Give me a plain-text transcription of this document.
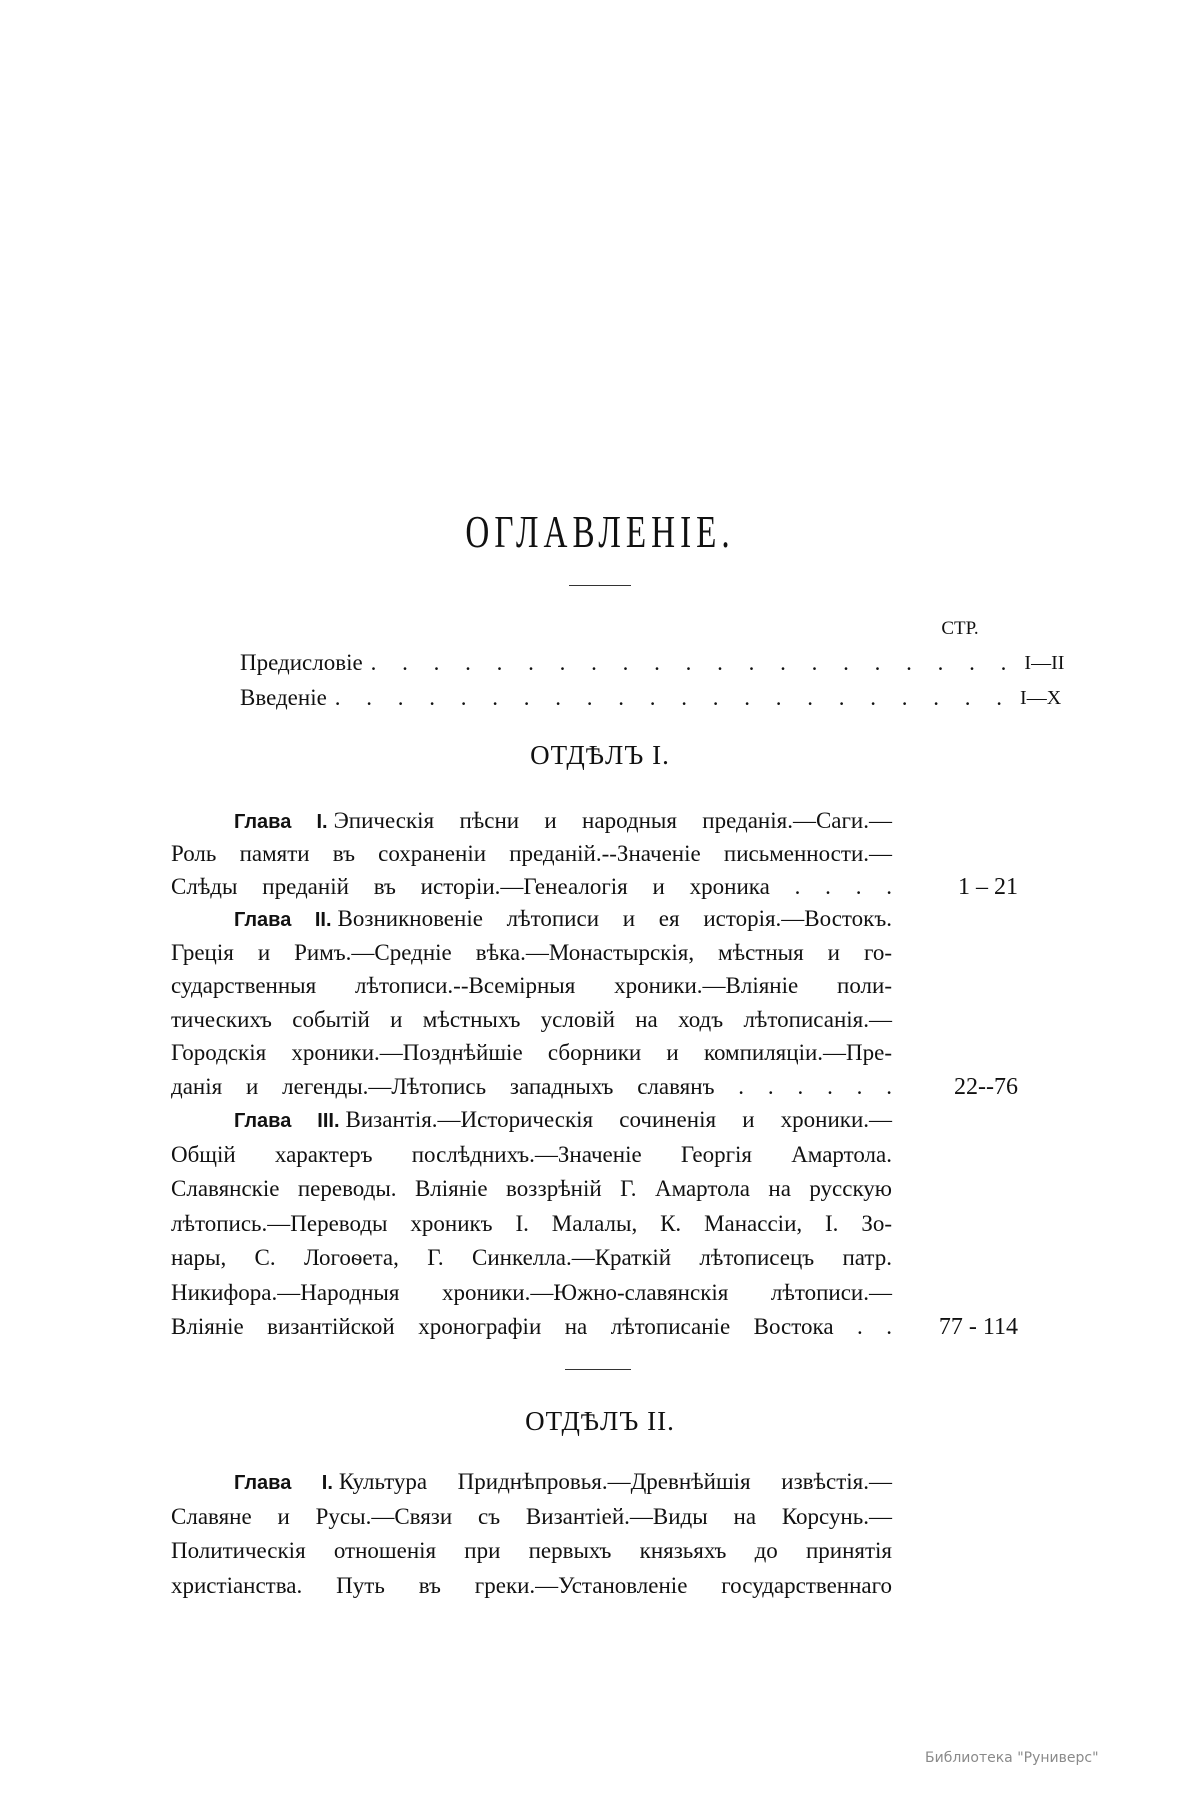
ОГЛАВЛЕНІЕ.
СТР.
Предисловіе . . . . . . . . . . . . . . . . . . . . . I—II
Введеніе . . . . . . . . . . . . . . . . . . . . . . I—X
ОТДѢЛЪ I.
ОТДѢЛЪ II.
Глава I. Эпическія пѣсни и народныя преданія.—Саги.—
Роль памяти въ сохраненіи преданій.--Значеніе письменности.—
Слѣды преданій въ исторіи.—Генеалогія и хроника . . . .	1 – 21
Глава II. Возникновеніе лѣтописи и ея исторія.—Востокъ.
Греція и Римъ.—Средніе вѣка.—Монастырскія, мѣстныя и го-
сударственныя лѣтописи.--Всемірныя хроники.—Вліяніе поли-
тическихъ событій и мѣстныхъ условій на ходъ лѣтописанія.—
Городскія хроники.—Позднѣйшіе сборники и компиляціи.—Пре-
данія и легенды.—Лѣтопись западныхъ славянъ . . . . . .	22--76
Глава III. Византія.—Историческія сочиненія и хроники.—
Общій характеръ послѣднихъ.—Значеніе Георгія Амартола.
Славянскіе переводы. Вліяніе воззрѣній Г. Амартола на русскую
лѣтопись.—Переводы хроникъ I. Малалы, К. Манассіи, I. Зо-
нары, С. Логоѳета, Г. Синкелла.—Краткій лѣтописецъ патр.
Никифора.—Народныя хроники.—Южно-славянскія лѣтописи.—
Вліяніе византійской хронографіи на лѣтописаніе Востока . .	77 - 114
Глава I. Культура Приднѣпровья.—Древнѣйшія извѣстія.—
Славяне и Русы.—Связи съ Византіей.—Виды на Корсунь.—
Политическія отношенія при первыхъ князьяхъ до принятія
христіанства. Путь въ греки.—Установленіе государственнаго
Библиотека "Руниверс"
